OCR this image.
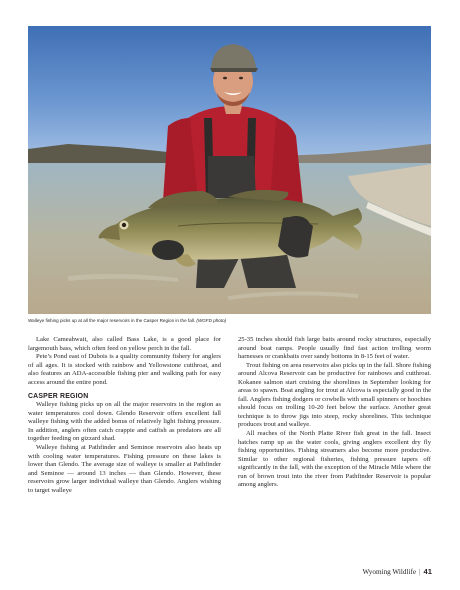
Walleye fishing picks up at all the major reservoirs in the Casper Region in the fall. (WGFD photo)

Lake Cameahwait, also called Bass Lake, is a good place for largemouth bass, which often feed on yellow perch in the fall.

Pete’s Pond east of Dubois is a quality community fishery for anglers of all ages. It is stocked with rainbow and Yellowstone cutthroat, and also features an ADA-accessible fishing pier and walking path for easy access around the entire pond.

CASPER REGION

Walleye fishing picks up on all the major reservoirs in the region as water temperatures cool down. Glendo Reservoir offers excellent fall walleye fishing with the added bonus of relatively light fishing pressure. In addition, anglers often catch crappie and catfish as predators are all together feeding on gizzard shad.

Walleye fishing at Pathfinder and Seminoe reservoirs also heats up with cooling water temperatures. Fishing pressure on these lakes is lower than Glendo. The average size of walleye is smaller at Pathfinder and Seminoe — around 13 inches — than Glendo. However, these reservoirs grow larger individual walleye than Glendo. Anglers wishing to target walleye

25-35 inches should fish large baits around rocky structures, especially around boat ramps. People usually find fast action trolling worm harnesses or crankbaits over sandy bottoms in 8-15 feet of water.

Trout fishing on area reservoirs also picks up in the fall. Shore fishing around Alcova Reservoir can be productive for rainbows and cutthroat. Kokanee salmon start cruising the shorelines in September looking for areas to spawn. Boat angling for trout at Alcova is especially good in the fall. Anglers fishing dodgers or cowbells with small spinners or hoochies should focus on trolling 10-20 feet below the surface. Another great technique is to throw jigs into steep, rocky shorelines. This technique produces trout and walleye.

All reaches of the North Platte River fish great in the fall. Insect hatches ramp up as the water cools, giving anglers excellent dry fly fishing opportunities. Fishing streamers also become more productive. Similar to other regional fisheries, fishing pressure tapers off significantly in the fall, with the exception of the Miracle Mile where the run of brown trout into the river from Pathfinder Reservoir is popular among anglers.

Wyoming Wildlife | 41
